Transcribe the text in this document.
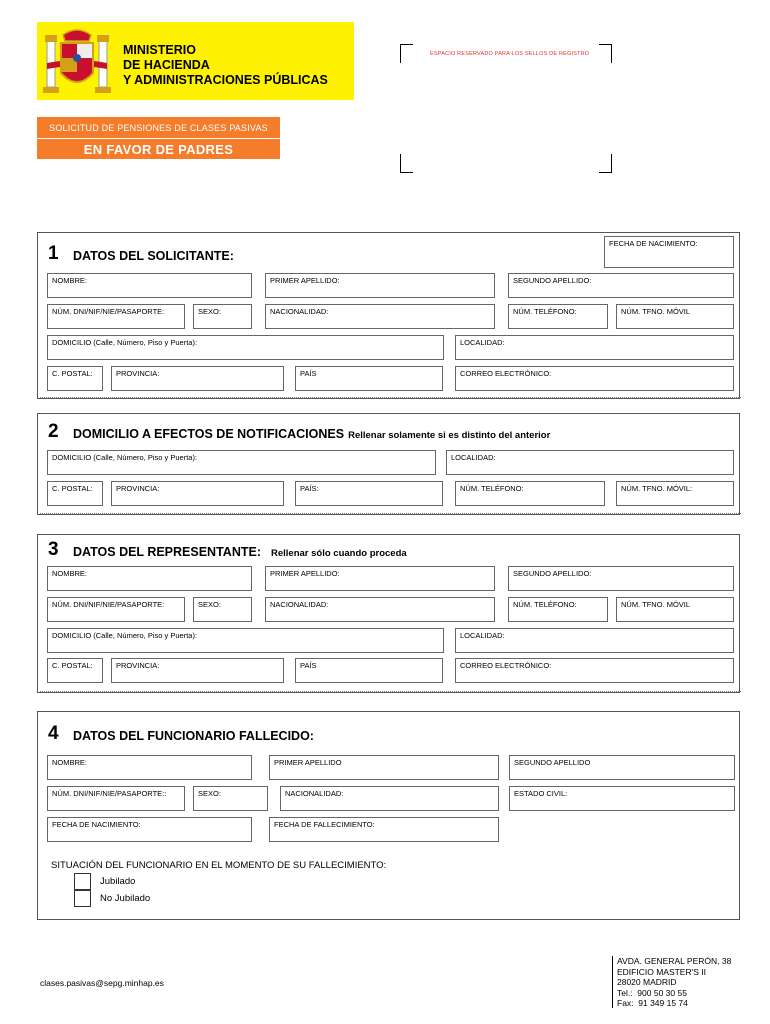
MINISTERIO
DE HACIENDA
Y ADMINISTRACIONES PÚBLICAS
SOLICITUD DE PENSIONES DE CLASES PASIVAS
EN FAVOR DE PADRES
ESPACIO RESERVADO PARA LOS SELLOS DE REGISTRO
1 DATOS DEL SOLICITANTE:
FECHA DE NACIMIENTO:
NOMBRE:	PRIMER APELLIDO:	SEGUNDO APELLIDO:
NÚM. DNI/NIF/NIE/PASAPORTE:	SEXO:	NACIONALIDAD:	NÚM. TELÉFONO:	NÚM. TFNO. MÓVIL
DOMICILIO (Calle, Número, Piso y Puerta):	LOCALIDAD:
C. POSTAL:	PROVINCIA:	PAÍS	CORREO ELECTRÓNICO:
2 DOMICILIO A EFECTOS DE NOTIFICACIONES Rellenar solamente si es distinto del anterior
DOMICILIO (Calle, Número, Piso y Puerta):	LOCALIDAD:
C. POSTAL:	PROVINCIA:	PAÍS:	NÚM. TELÉFONO:	NÚM. TFNO. MÓVIL:
3 DATOS DEL REPRESENTANTE: Rellenar sólo cuando proceda
NOMBRE:	PRIMER APELLIDO:	SEGUNDO APELLIDO:
NÚM. DNI/NIF/NIE/PASAPORTE:	SEXO:	NACIONALIDAD:	NÚM. TELÉFONO:	NÚM. TFNO. MÓVIL
DOMICILIO (Calle, Número, Piso y Puerta):	LOCALIDAD:
C. POSTAL:	PROVINCIA:	PAÍS	CORREO ELECTRÓNICO:
4 DATOS DEL FUNCIONARIO FALLECIDO:
NOMBRE:	PRIMER APELLIDO	SEGUNDO APELLIDO
NÚM. DNI/NIF/NIE/PASAPORTE::	SEXO:	NACIONALIDAD:	ESTADO CIVIL:
FECHA DE NACIMIENTO:	FECHA DE FALLECIMIENTO:
SITUACIÓN DEL FUNCIONARIO EN EL MOMENTO DE SU FALLECIMIENTO:
Jubilado
No Jubilado
clases.pasivas@sepg.minhap.es
AVDA. GENERAL PERÓN, 38
EDIFICIO MASTER'S II
28020 MADRID
Tel.:  900 50 30 55
Fax:  91 349 15 74
